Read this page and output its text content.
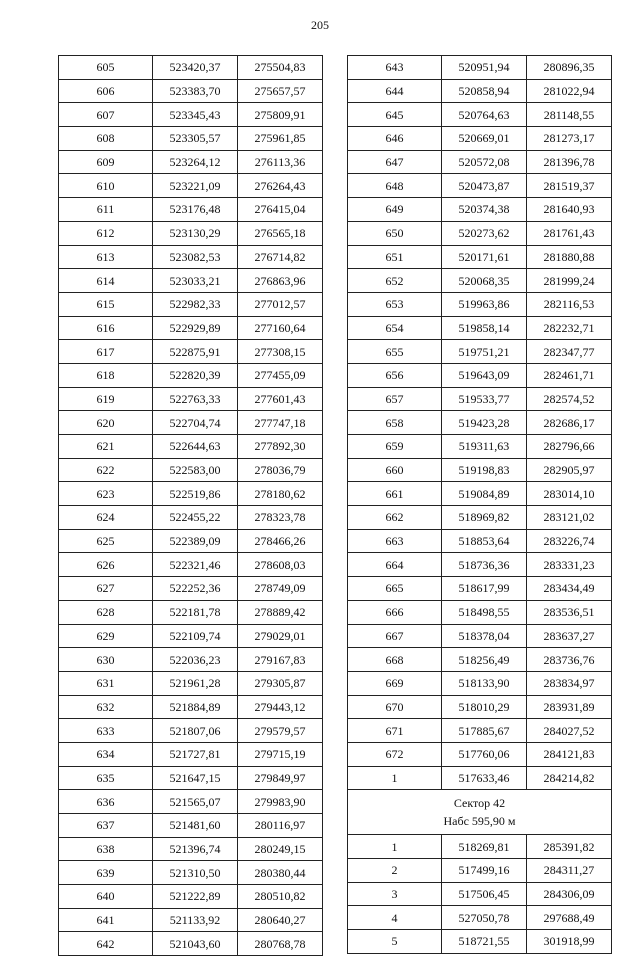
205
605	523420,37	275504,83
606	523383,70	275657,57
607	523345,43	275809,91
608	523305,57	275961,85
609	523264,12	276113,36
610	523221,09	276264,43
611	523176,48	276415,04
612	523130,29	276565,18
613	523082,53	276714,82
614	523033,21	276863,96
615	522982,33	277012,57
616	522929,89	277160,64
617	522875,91	277308,15
618	522820,39	277455,09
619	522763,33	277601,43
620	522704,74	277747,18
621	522644,63	277892,30
622	522583,00	278036,79
623	522519,86	278180,62
624	522455,22	278323,78
625	522389,09	278466,26
626	522321,46	278608,03
627	522252,36	278749,09
628	522181,78	278889,42
629	522109,74	279029,01
630	522036,23	279167,83
631	521961,28	279305,87
632	521884,89	279443,12
633	521807,06	279579,57
634	521727,81	279715,19
635	521647,15	279849,97
636	521565,07	279983,90
637	521481,60	280116,97
638	521396,74	280249,15
639	521310,50	280380,44
640	521222,89	280510,82
641	521133,92	280640,27
642	521043,60	280768,78
643	520951,94	280896,35
644	520858,94	281022,94
645	520764,63	281148,55
646	520669,01	281273,17
647	520572,08	281396,78
648	520473,87	281519,37
649	520374,38	281640,93
650	520273,62	281761,43
651	520171,61	281880,88
652	520068,35	281999,24
653	519963,86	282116,53
654	519858,14	282232,71
655	519751,21	282347,77
656	519643,09	282461,71
657	519533,77	282574,52
658	519423,28	282686,17
659	519311,63	282796,66
660	519198,83	282905,97
661	519084,89	283014,10
662	518969,82	283121,02
663	518853,64	283226,74
664	518736,36	283331,23
665	518617,99	283434,49
666	518498,55	283536,51
667	518378,04	283637,27
668	518256,49	283736,76
669	518133,90	283834,97
670	518010,29	283931,89
671	517885,67	284027,52
672	517760,06	284121,83
1	517633,46	284214,82

Сектор 42
Набс 595,90 м		

1	518269,81	285391,82
2	517499,16	284311,27
3	517506,45	284306,09
4	527050,78	297688,49
5	518721,55	301918,99
